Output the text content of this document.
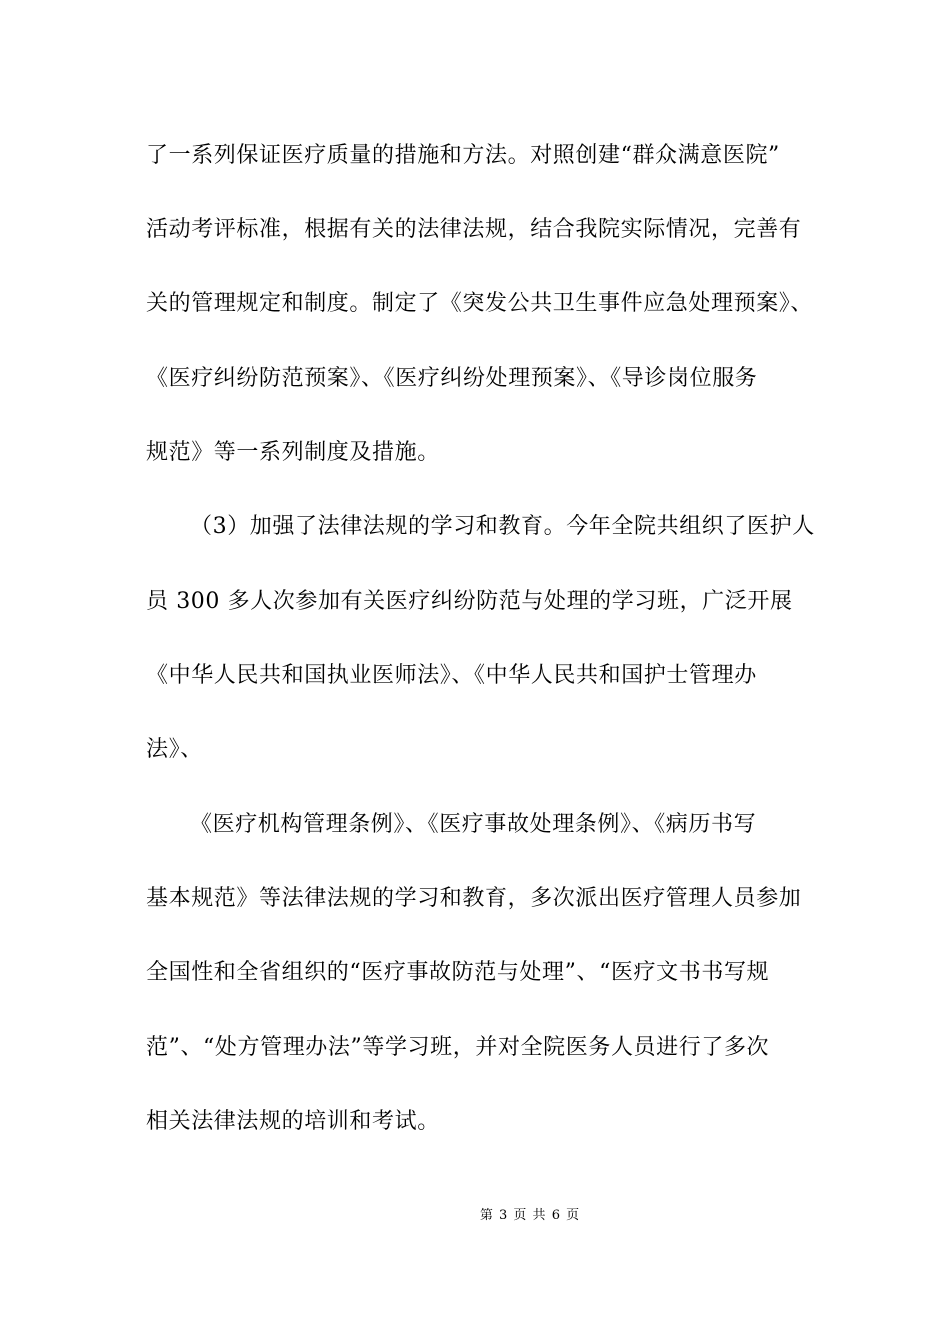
了一系列保证医疗质量的措施和方法。对照创建“群众满意医院”
活动考评标准，根据有关的法律法规，结合我院实际情况，完善有
关的管理规定和制度。制定了《突发公共卫生事件应急处理预案》、
《医疗纠纷防范预案》、《医疗纠纷处理预案》、《导诊岗位服务
规范》等一系列制度及措施。
（3）加强了法律法规的学习和教育。今年全院共组织了医护人
员 300 多人次参加有关医疗纠纷防范与处理的学习班，广泛开展
《中华人民共和国执业医师法》、《中华人民共和国护士管理办
法》、
《医疗机构管理条例》、《医疗事故处理条例》、《病历书写
基本规范》等法律法规的学习和教育，多次派出医疗管理人员参加
全国性和全省组织的“医疗事故防范与处理”、“医疗文书书写规
范”、“处方管理办法”等学习班，并对全院医务人员进行了多次
相关法律法规的培训和考试。
第 3 页 共 6 页
